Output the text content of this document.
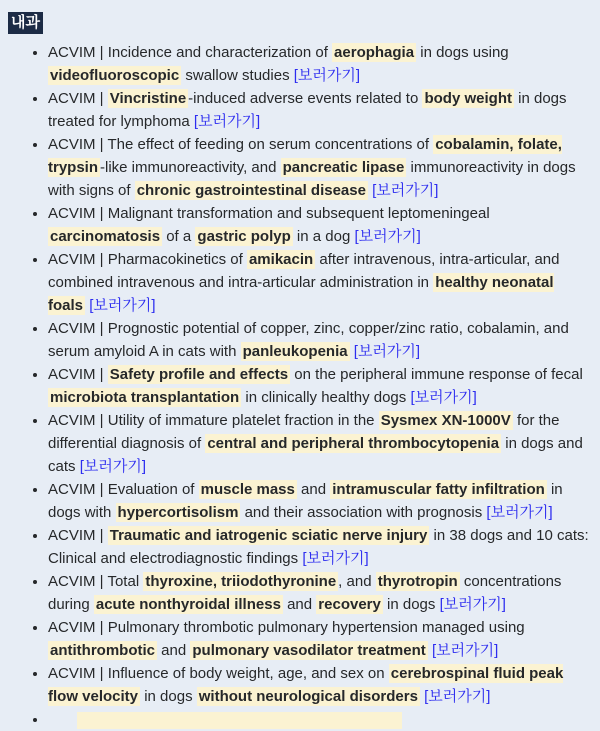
내과
• ACVIM | Incidence and characterization of aerophagia in dogs using videofluoroscopic swallow studies [보러가기]
• ACVIM | Vincristine -induced adverse events related to body weight in dogs treated for lymphoma [보러가기]
• ACVIM | The effect of feeding on serum concentrations of cobalamin, folate, trypsin -like immunoreactivity, and pancreatic lipase immunoreactivity in dogs with signs of chronic gastrointestinal disease [보러가기]
• ACVIM | Malignant transformation and subsequent leptomeningeal carcinomatosis of a gastric polyp in a dog [보러가기]
• ACVIM | Pharmacokinetics of amikacin after intravenous, intra-articular, and combined intravenous and intra-articular administration in healthy neonatal foals [보러가기]
• ACVIM | Prognostic potential of copper, zinc, copper/zinc ratio, cobalamin, and serum amyloid A in cats with panleukopenia [보러가기]
• ACVIM | Safety profile and effects on the peripheral immune response of fecal microbiota transplantation in clinically healthy dogs [보러가기]
• ACVIM | Utility of immature platelet fraction in the Sysmex XN-1000V for the differential diagnosis of central and peripheral thrombocytopenia in dogs and cats [보러가기]
• ACVIM | Evaluation of muscle mass and intramuscular fatty infiltration in dogs with hypercortisolism and their association with prognosis [보러가기]
• ACVIM | Traumatic and iatrogenic sciatic nerve injury in 38 dogs and 10 cats: Clinical and electrodiagnostic findings [보러가기]
• ACVIM | Total thyroxine, triiodothyronine , and thyrotropin concentrations during acute nonthyroidal illness and recovery in dogs [보러가기]
• ACVIM | Pulmonary thrombotic pulmonary hypertension managed using antithrombotic and pulmonary vasodilator treatment [보러가기]
• ACVIM | Influence of body weight, age, and sex on cerebrospinal fluid peak flow velocity in dogs without neurological disorders [보러가기]
•
